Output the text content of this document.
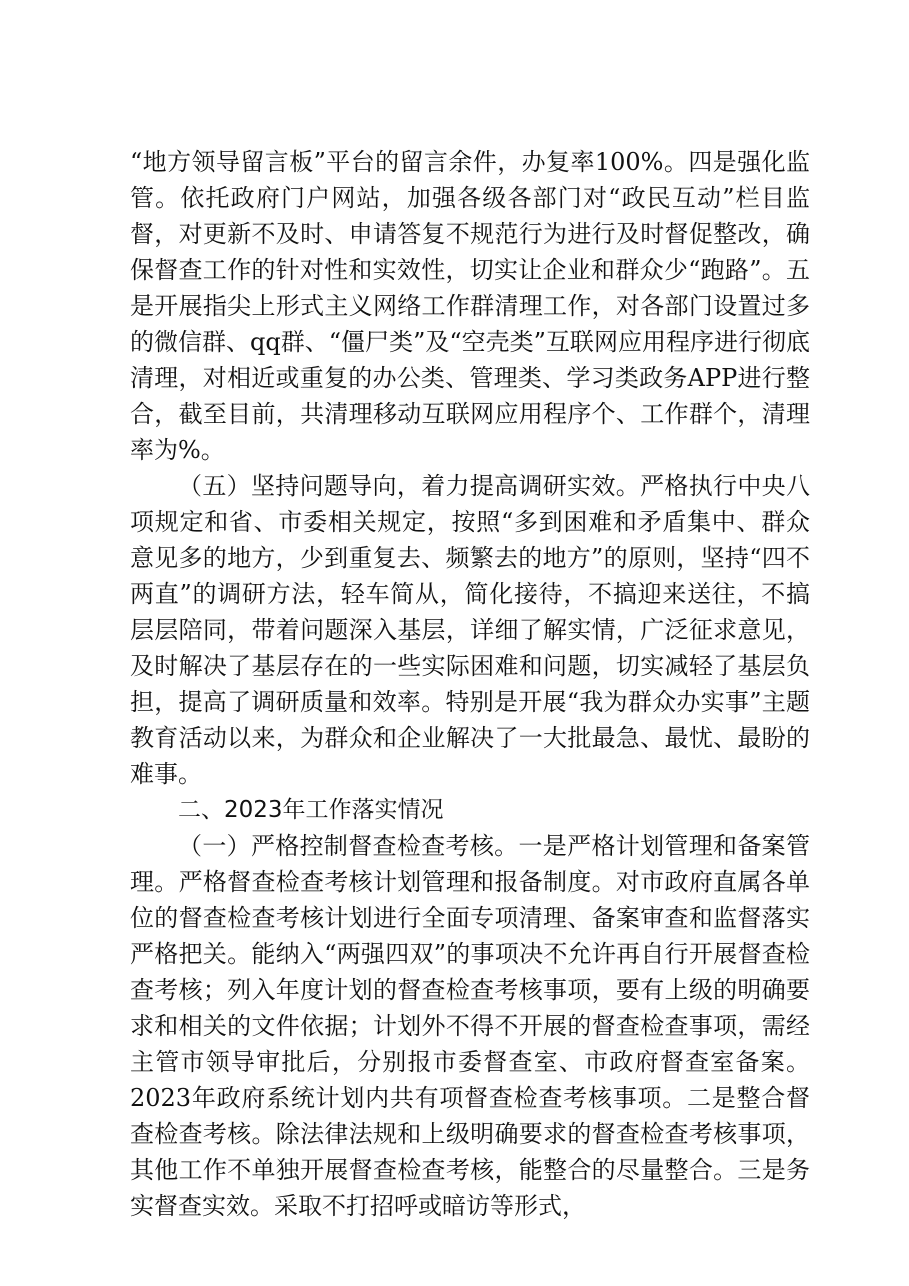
“地方领导留言板”平台的留言余件，办复率100%。四是强化监管。依托政府门户网站，加强各级各部门对“政民互动”栏目监督，对更新不及时、申请答复不规范行为进行及时督促整改，确保督查工作的针对性和实效性，切实让企业和群众少“跑路”。五是开展指尖上形式主义网络工作群清理工作，对各部门设置过多的微信群、qq群、“僵尸类”及“空壳类”互联网应用程序进行彻底清理，对相近或重复的办公类、管理类、学习类政务APP进行整合，截至目前，共清理移动互联网应用程序个、工作群个，清理率为%。

（五）坚持问题导向，着力提高调研实效。严格执行中央八项规定和省、市委相关规定，按照“多到困难和矛盾集中、群众意见多的地方，少到重复去、频繁去的地方”的原则，坚持“四不两直”的调研方法，轻车简从，简化接待，不搞迎来送往，不搞层层陪同，带着问题深入基层，详细了解实情，广泛征求意见，及时解决了基层存在的一些实际困难和问题，切实减轻了基层负担，提高了调研质量和效率。特别是开展“我为群众办实事”主题教育活动以来，为群众和企业解决了一大批最急、最忧、最盼的难事。

二、2023年工作落实情况

（一）严格控制督查检查考核。一是严格计划管理和备案管理。严格督查检查考核计划管理和报备制度。对市政府直属各单位的督查检查考核计划进行全面专项清理、备案审查和监督落实严格把关。能纳入“两强四双”的事项决不允许再自行开展督查检查考核；列入年度计划的督查检查考核事项，要有上级的明确要求和相关的文件依据；计划外不得不开展的督查检查事项，需经主管市领导审批后，分别报市委督查室、市政府督查室备案。2023年政府系统计划内共有项督查检查考核事项。二是整合督查检查考核。除法律法规和上级明确要求的督查检查考核事项，其他工作不单独开展督查检查考核，能整合的尽量整合。三是务实督查实效。采取不打招呼或暗访等形式，
